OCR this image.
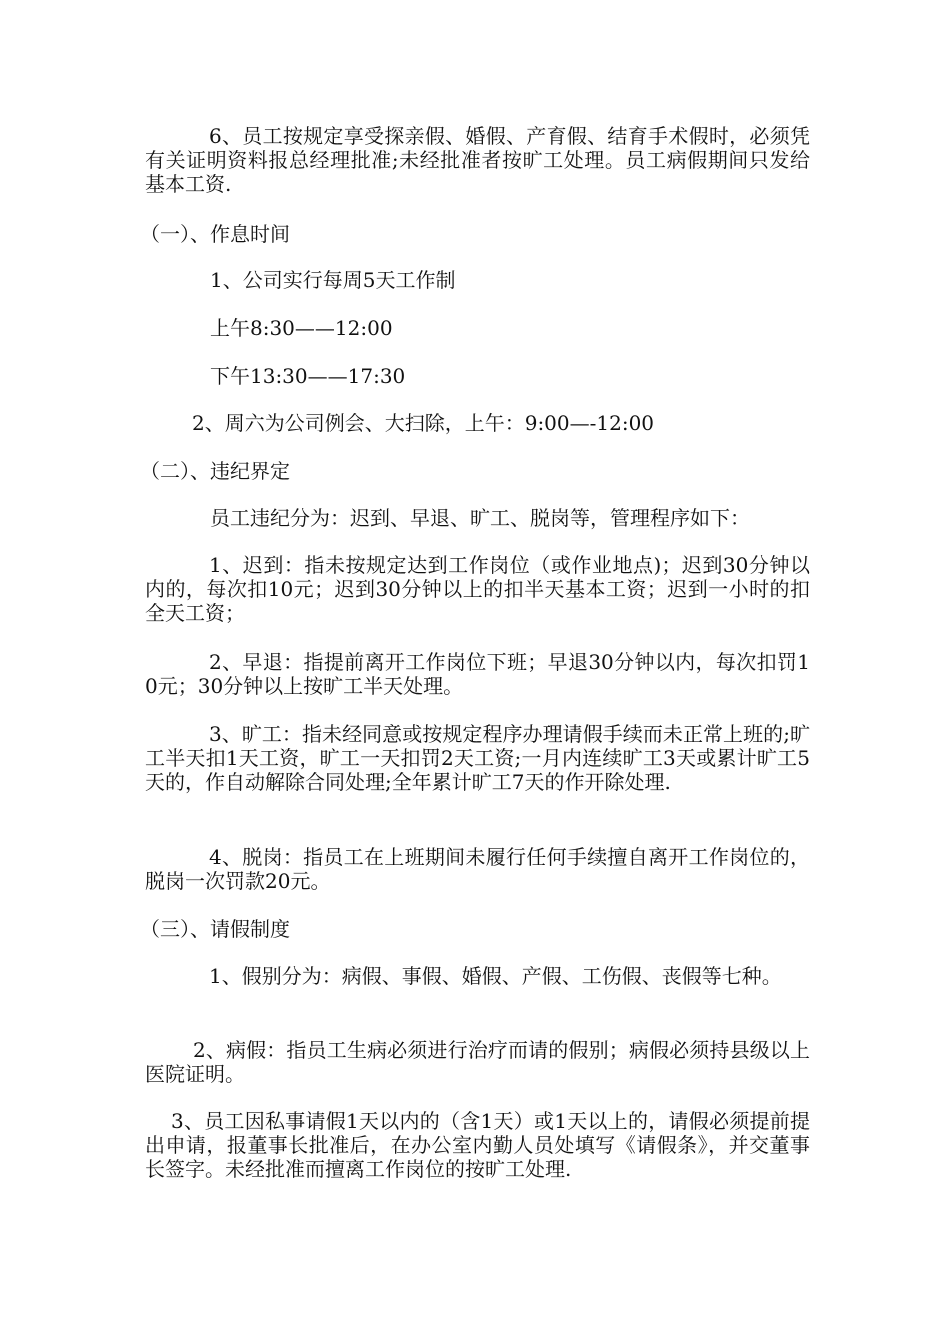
6、员工按规定享受探亲假、婚假、产育假、结育手术假时，必须凭有关证明资料报总经理批准;未经批准者按旷工处理。员工病假期间只发给基本工资.

（一）、作息时间

1、公司实行每周5天工作制

上午8:30——12:00

下午13:30——17:30

2、周六为公司例会、大扫除，上午：9:00—-12:00

（二）、违纪界定

员工违纪分为：迟到、早退、旷工、脱岗等，管理程序如下：

1、迟到：指未按规定达到工作岗位（或作业地点)；迟到30分钟以内的，每次扣10元；迟到30分钟以上的扣半天基本工资；迟到一小时的扣全天工资；

2、早退：指提前离开工作岗位下班；早退30分钟以内，每次扣罚10元；30分钟以上按旷工半天处理。

3、旷工：指未经同意或按规定程序办理请假手续而未正常上班的;旷工半天扣1天工资，旷工一天扣罚2天工资;一月内连续旷工3天或累计旷工5天的，作自动解除合同处理;全年累计旷工7天的作开除处理.

4、脱岗：指员工在上班期间未履行任何手续擅自离开工作岗位的，脱岗一次罚款20元。

（三）、请假制度

1、假别分为：病假、事假、婚假、产假、工伤假、丧假等七种。

2、病假：指员工生病必须进行治疗而请的假别；病假必须持县级以上医院证明。

3、员工因私事请假1天以内的（含1天）或1天以上的，请假必须提前提出申请，报董事长批准后，在办公室内勤人员处填写《请假条》，并交董事长签字。未经批准而擅离工作岗位的按旷工处理.
